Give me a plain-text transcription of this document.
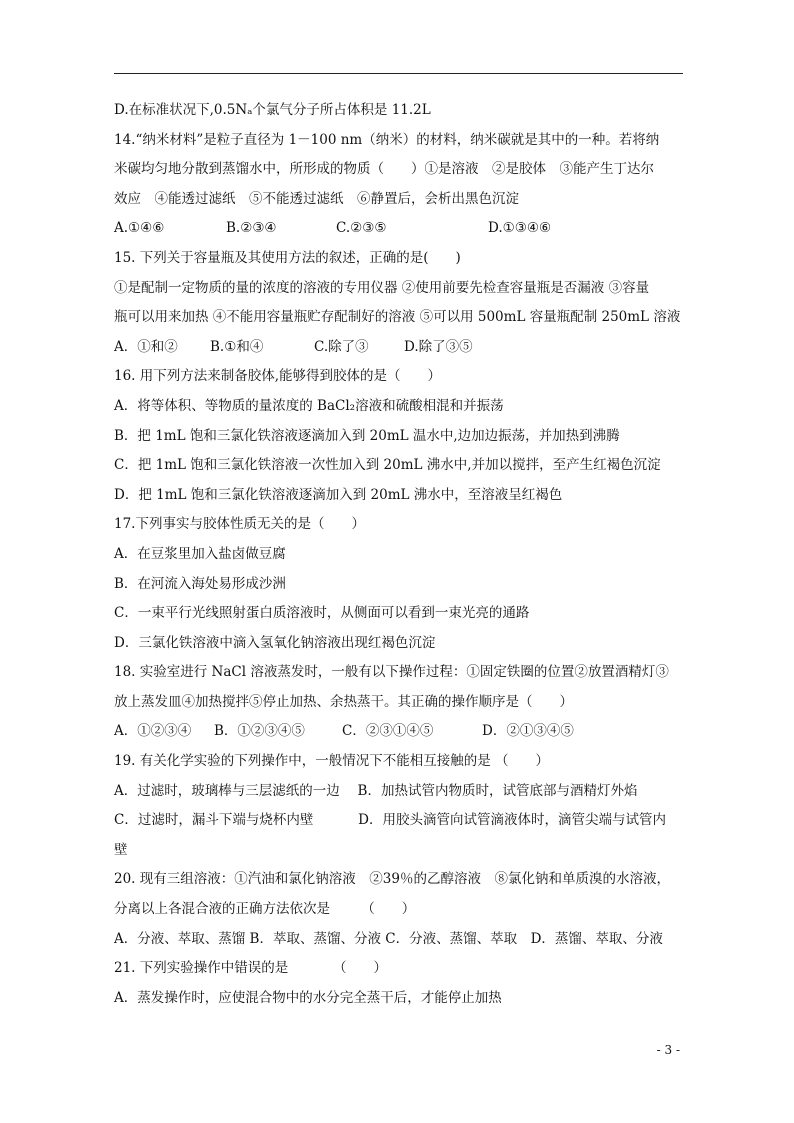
D.在标准状况下,0.5Nₐ个氯气分子所占体积是 11.2L
14.“纳米材料”是粒子直径为 1－100 nm（纳米）的材料，纳米碳就是其中的一种。若将纳
米碳均匀地分散到蒸馏水中，所形成的物质（　　）①是溶液　②是胶体　③能产生丁达尔
效应　④能透过滤纸　⑤不能透过滤纸　⑥静置后，会析出黑色沉淀
A.①④⑥	B.②③④	C.②③⑤	D.①③④⑥
15. 下列关于容量瓶及其使用方法的叙述，正确的是(　　)
①是配制一定物质的量的浓度的溶液的专用仪器 ②使用前要先检查容量瓶是否漏液 ③容量
瓶可以用来加热 ④不能用容量瓶贮存配制好的溶液 ⑤可以用 500mL 容量瓶配制 250mL 溶液
A．①和② B.①和④	C.除了③	D.除了③⑤
16. 用下列方法来制备胶体,能够得到胶体的是（　　）
A．将等体积、等物质的量浓度的 BaCl₂溶液和硫酸相混和并振荡
B．把 1mL 饱和三氯化铁溶液逐滴加入到 20mL 温水中,边加边振荡，并加热到沸腾
C．把 1mL 饱和三氯化铁溶液一次性加入到 20mL 沸水中,并加以搅拌，至产生红褐色沉淀
D．把 1mL 饱和三氯化铁溶液逐滴加入到 20mL 沸水中，至溶液呈红褐色
17.下列事实与胶体性质无关的是（　　）
A．在豆浆里加入盐卤做豆腐
B．在河流入海处易形成沙洲
C．一束平行光线照射蛋白质溶液时，从侧面可以看到一束光亮的通路
D．三氯化铁溶液中滴入氢氧化钠溶液出现红褐色沉淀
18. 实验室进行 NaCl 溶液蒸发时，一般有以下操作过程：①固定铁圈的位置②放置酒精灯③
放上蒸发皿④加热搅拌⑤停止加热、余热蒸干。其正确的操作顺序是（　　）
A．①②③④ B．①②③④⑤	C．②③①④⑤	D．②①③④⑤
19. 有关化学实验的下列操作中，一般情况下不能相互接触的是 （　　）
A．过滤时，玻璃棒与三层滤纸的一边　 B．加热试管内物质时，试管底部与酒精灯外焰
C．过滤时，漏斗下端与烧杯内壁　　　 D．用胶头滴管向试管滴液体时，滴管尖端与试管内
壁
20. 现有三组溶液：①汽油和氯化钠溶液　②39％的乙醇溶液　⑧氯化钠和单质溴的水溶液，
分离以上各混合液的正确方法依次是　　 （　　）
A．分液、萃取、蒸馏 B．萃取、蒸馏、分液 C．分液、蒸馏、萃取　D．蒸馏、萃取、分液
21. 下列实验操作中错误的是　　　 （　　）
A．蒸发操作时，应使混合物中的水分完全蒸干后，才能停止加热
- 3 -
